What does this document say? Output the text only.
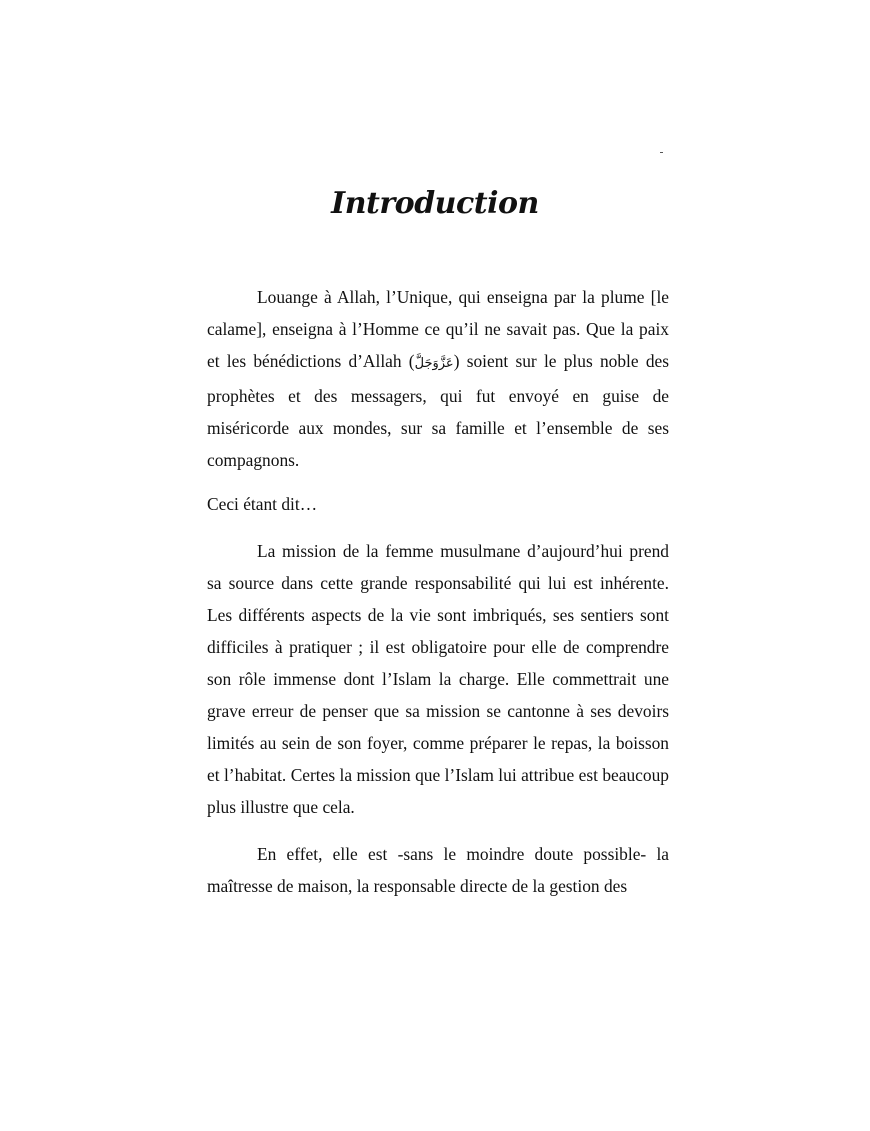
Introduction

Louange à Allah, l’Unique, qui enseigna par la plume [le calame], enseigna à l’Homme ce qu’il ne savait pas. Que la paix et les bénédictions d’Allah (عَزَّوَجَلَّ) soient sur le plus noble des prophètes et des messagers, qui fut envoyé en guise de miséricorde aux mondes, sur sa famille et l’ensemble de ses compagnons.

Ceci étant dit…

La mission de la femme musulmane d’aujourd’hui prend sa source dans cette grande responsabilité qui lui est inhérente. Les différents aspects de la vie sont imbriqués, ses sentiers sont difficiles à pratiquer ; il est obligatoire pour elle de comprendre son rôle immense dont l’Islam la charge. Elle commettrait une grave erreur de penser que sa mission se cantonne à ses devoirs limités au sein de son foyer, comme préparer le repas, la boisson et l’habitat. Certes la mission que l’Islam lui attribue est beaucoup plus illustre que cela.

En effet, elle est -sans le moindre doute possible- la maîtresse de maison, la responsable directe de la gestion des
